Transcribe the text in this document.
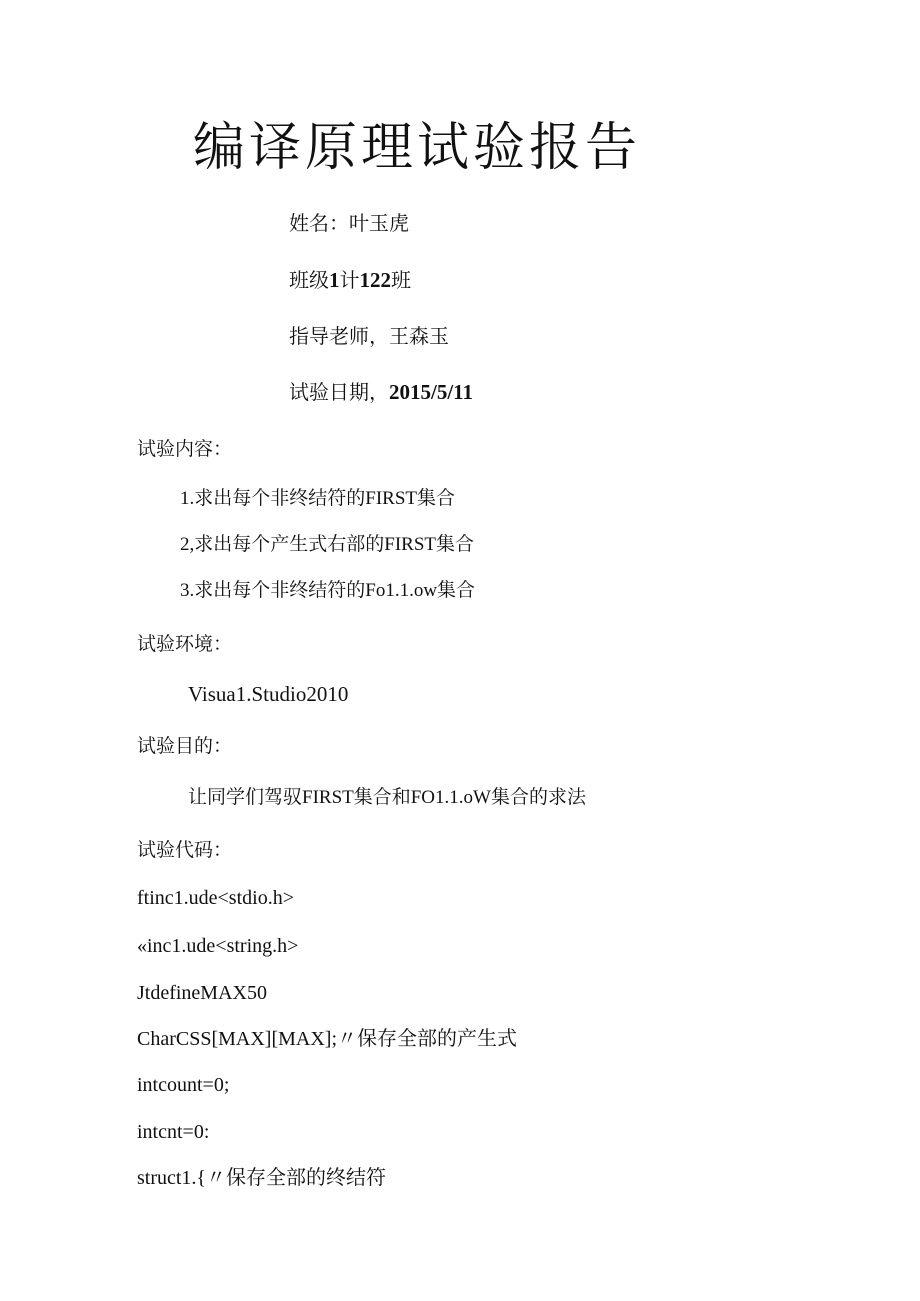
编译原理试验报告
姓名：叶玉虎
班级1计122班
指导老师，王森玉
试验日期，2015/5/11
试验内容：
1.求出每个非终结符的FIRST集合
2,求出每个产生式右部的FIRST集合
3.求出每个非终结符的Fo1.1.ow集合
试验环境：
Visua1.Studio2010
试验目的：
让同学们驾驭FIRST集合和FO1.1.oW集合的求法
试验代码：
ftinc1.ude<stdio.h>
«inc1.ude<string.h>
JtdefineMAX50
CharCSS[MAX][MAX];〃保存全部的产生式
intcount=0;
intcnt=0:
struct1.{〃保存全部的终结符
